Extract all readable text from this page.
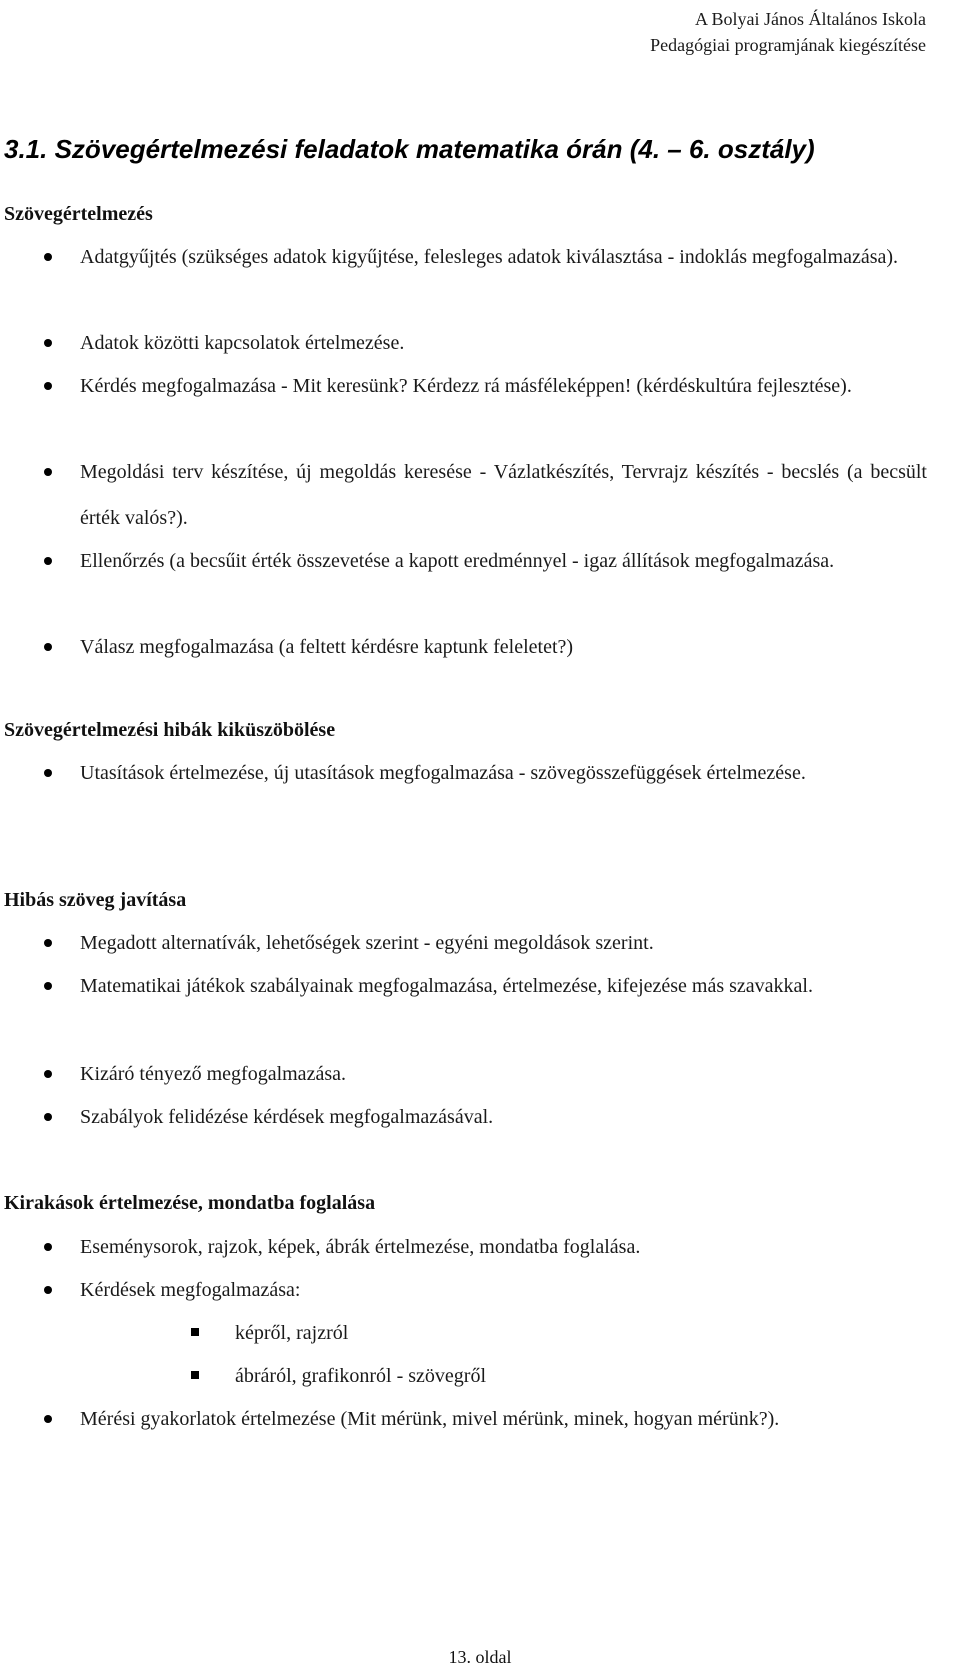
A Bolyai János Általános Iskola
Pedagógiai programjának kiegészítése
3.1. Szövegértelmezési feladatok matematika órán (4. – 6. osztály)
Szövegértelmezés
Adatgyűjtés (szükséges adatok kigyűjtése, felesleges adatok kiválasztása - indoklás megfogalmazása).
Adatok közötti kapcsolatok értelmezése.
Kérdés megfogalmazása - Mit keresünk? Kérdezz rá másféleképpen! (kérdéskultúra fejlesztése).
Megoldási terv készítése, új megoldás keresése - Vázlatkészítés, Tervrajz készítés - becslés (a becsült érték valós?).
Ellenőrzés (a becsűit érték összevetése a kapott eredménnyel - igaz állítások megfogalmazása.
Válasz megfogalmazása (a feltett kérdésre kaptunk feleletet?)
Szövegértelmezési hibák kiküszöbölése
Utasítások értelmezése, új utasítások megfogalmazása - szövegösszefüggések értelmezése.
Hibás szöveg javítása
Megadott alternatívák, lehetőségek szerint - egyéni megoldások szerint.
Matematikai játékok szabályainak megfogalmazása, értelmezése, kifejezése más szavakkal.
Kizáró tényező megfogalmazása.
Szabályok felidézése kérdések megfogalmazásával.
Kirakások értelmezése, mondatba foglalása
Eseménysorok, rajzok, képek, ábrák értelmezése, mondatba foglalása.
Kérdések megfogalmazása:
képről, rajzról
ábráról, grafikonról - szövegről
Mérési gyakorlatok értelmezése (Mit mérünk, mivel mérünk, minek, hogyan mérünk?).
13. oldal
